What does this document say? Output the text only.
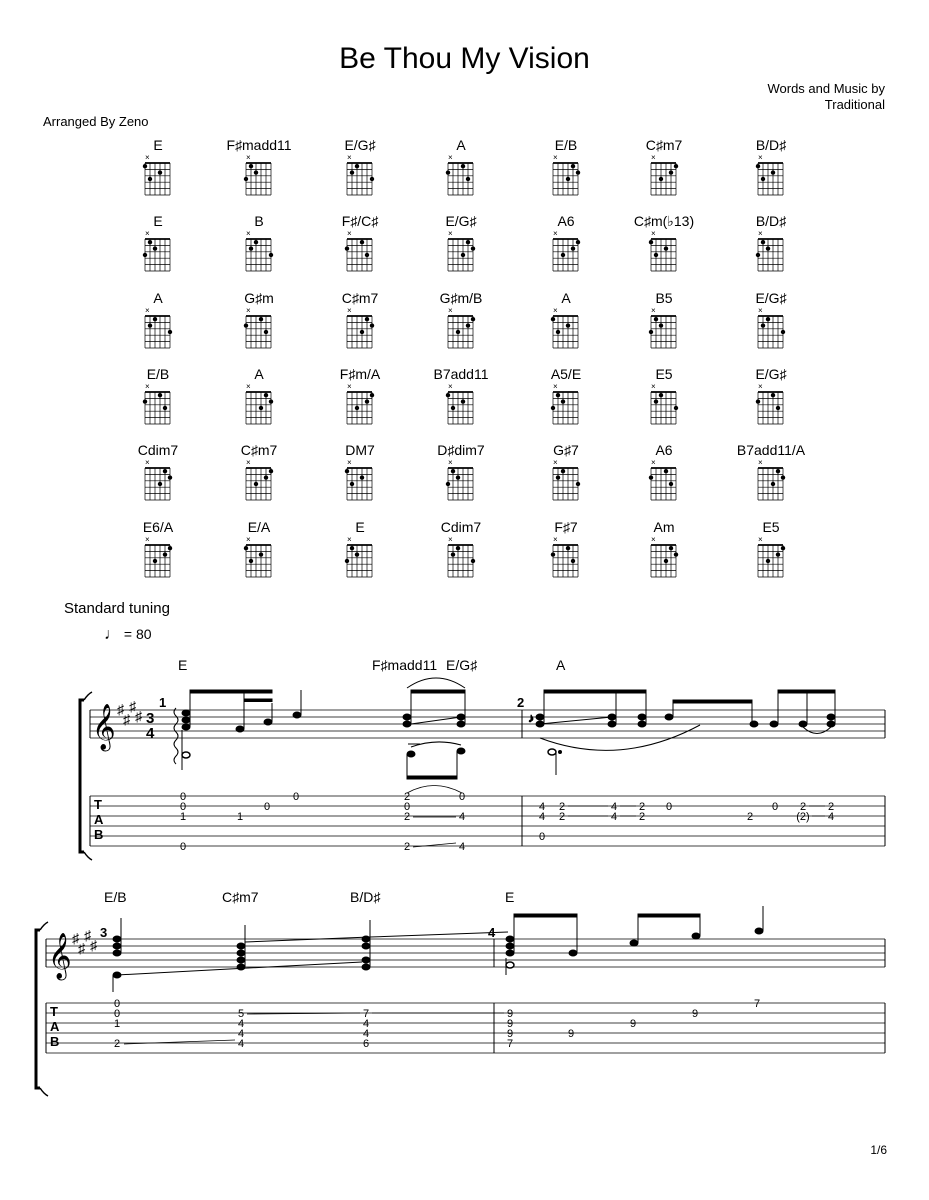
Be Thou My Vision
Words and Music by
Traditional
Arranged By Zeno
E
×
F♯madd11
×
E/G♯
×
A
×
E/B
×
C♯m7
×
B/D♯
×
E
×
B
×
F♯/C♯
×
E/G♯
×
A6
×
C♯m(♭13)
×
B/D♯
×
A
×
G♯m
×
C♯m7
×
G♯m/B
×
A
×
B5
×
E/G♯
×
E/B
×
A
×
F♯m/A
×
B7add11
×
A5/E
×
E5
×
E/G♯
×
Cdim7
×
C♯m7
×
DM7
×
D♯dim7
×
G♯7
×
A6
×
B7add11/A
×
E6/A
×
E/A
×
E
×
Cdim7
×
F♯7
×
Am
×
E5
×
Standard tuning
♩ = 80
E	F♯madd11 E/G♯	A
E/B	C♯m7	B/D♯	E
𝄞 ♯
♯
♯
♯ 3
4
1	2
T
A
B
♪
0
0
1
0
1
0
0	2
0
2
2
0
4
4
4 2	4 2
4 2	4 2
0
0	0 2
2
2
4
(2)
𝄞 ♯
♯
♯
♯
3	4
T
A
B
0
0
1
2
5
4
4
4
7
4
4
6
9
9
9
7
9
9
9
7
1/6
